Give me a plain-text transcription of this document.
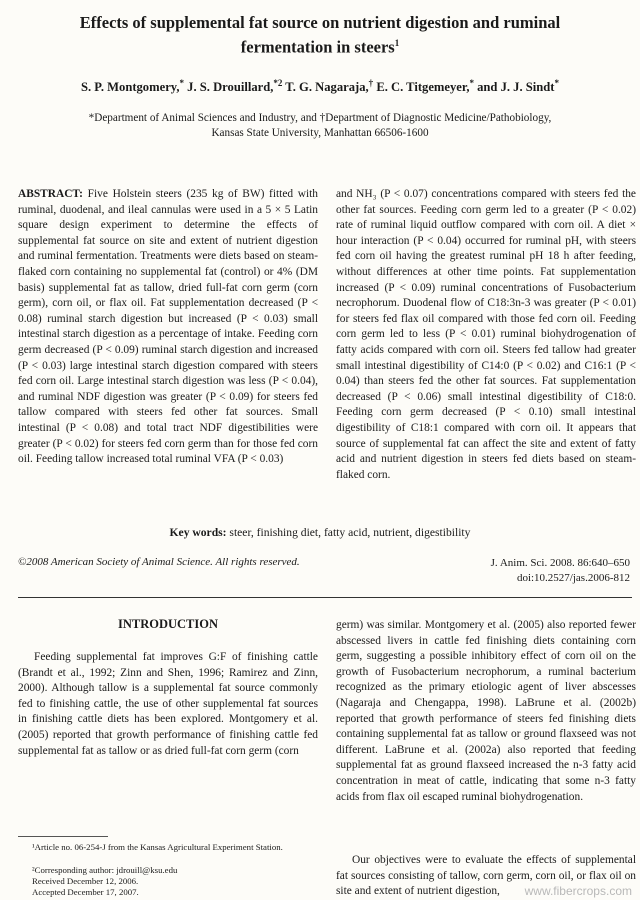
Effects of supplemental fat source on nutrient digestion and ruminal fermentation in steers$^1$
S. P. Montgomery,* J. S. Drouillard,$^{*2}$ T. G. Nagaraja,† E. C. Titgemeyer,* and J. J. Sindt*
*Department of Animal Sciences and Industry, and †Department of Diagnostic Medicine/Pathobiology,
Kansas State University, Manhattan 66506-1600
ABSTRACT: Five Holstein steers (235 kg of BW) fitted with ruminal, duodenal, and ileal cannulas were used in a 5 × 5 Latin square design experiment to determine the effects of supplemental fat source on site and extent of nutrient digestion and ruminal fermentation. Treatments were diets based on steam-flaked corn containing no supplemental fat (control) or 4% (DM basis) supplemental fat as tallow, dried full-fat corn germ (corn germ), corn oil, or flax oil. Fat supplementation decreased (P < 0.08) ruminal starch digestion but increased (P < 0.03) small intestinal starch digestion as a percentage of intake. Feeding corn germ decreased (P < 0.09) ruminal starch digestion and increased (P < 0.03) large intestinal starch digestion compared with steers fed corn oil. Large intestinal starch digestion was less (P < 0.04), and ruminal NDF digestion was greater (P < 0.09) for steers fed tallow compared with steers fed other fat sources. Small intestinal (P < 0.08) and total tract NDF digestibilities were greater (P < 0.02) for steers fed corn germ than for those fed corn oil. Feeding tallow increased total ruminal VFA (P < 0.03)
and NH₃ (P < 0.07) concentrations compared with steers fed the other fat sources. Feeding corn germ led to a greater (P < 0.02) rate of ruminal liquid outflow compared with corn oil. A diet × hour interaction (P < 0.04) occurred for ruminal pH, with steers fed corn oil having the greatest ruminal pH 18 h after feeding, without differences at other time points. Fat supplementation increased (P < 0.09) ruminal concentrations of Fusobacterium necrophorum. Duodenal flow of C18:3n-3 was greater (P < 0.01) for steers fed flax oil compared with those fed corn oil. Feeding corn germ led to less (P < 0.01) ruminal biohydrogenation of fatty acids compared with corn oil. Steers fed tallow had greater small intestinal digestibility of C14:0 (P < 0.02) and C16:1 (P < 0.04) than steers fed the other fat sources. Fat supplementation decreased (P < 0.06) small intestinal digestibility of C18:0. Feeding corn germ decreased (P < 0.10) small intestinal digestibility of C18:1 compared with corn oil. It appears that source of supplemental fat can affect the site and extent of fatty acid and nutrient digestion in steers fed diets based on steam-flaked corn.
Key words: steer, finishing diet, fatty acid, nutrient, digestibility
©2008 American Society of Animal Science. All rights reserved.	J. Anim. Sci. 2008. 86:640–650
doi:10.2527/jas.2006-812
INTRODUCTION
Feeding supplemental fat improves G:F of finishing cattle (Brandt et al., 1992; Zinn and Shen, 1996; Ramirez and Zinn, 2000). Although tallow is a supplemental fat source commonly fed to finishing cattle, the use of other supplemental fat sources in finishing cattle diets has been explored. Montgomery et al. (2005) reported that growth performance of finishing cattle fed supplemental fat as tallow or as dried full-fat corn germ (corn
germ) was similar. Montgomery et al. (2005) also reported fewer abscessed livers in cattle fed finishing diets containing corn germ, suggesting a possible inhibitory effect of corn oil on the growth of Fusobacterium necrophorum, a ruminal bacterium recognized as the primary etiologic agent of liver abscesses (Nagaraja and Chengappa, 1998). LaBrune et al. (2002b) reported that growth performance of steers fed finishing diets containing supplemental fat as tallow or ground flaxseed was not different. LaBrune et al. (2002a) also reported that feeding supplemental fat as ground flaxseed increased the n-3 fatty acid concentration in meat of cattle, indicating that some n-3 fatty acids from flax oil escaped ruminal biohydrogenation.
Our objectives were to evaluate the effects of supplemental fat sources consisting of tallow, corn germ, corn oil, or flax oil on site and extent of nutrient digestion,
¹Article no. 06-254-J from the Kansas Agricultural Experiment Station.
²Corresponding author: jdrouill@ksu.edu
Received December 12, 2006.
Accepted December 17, 2007.	www.fibercrops.com
